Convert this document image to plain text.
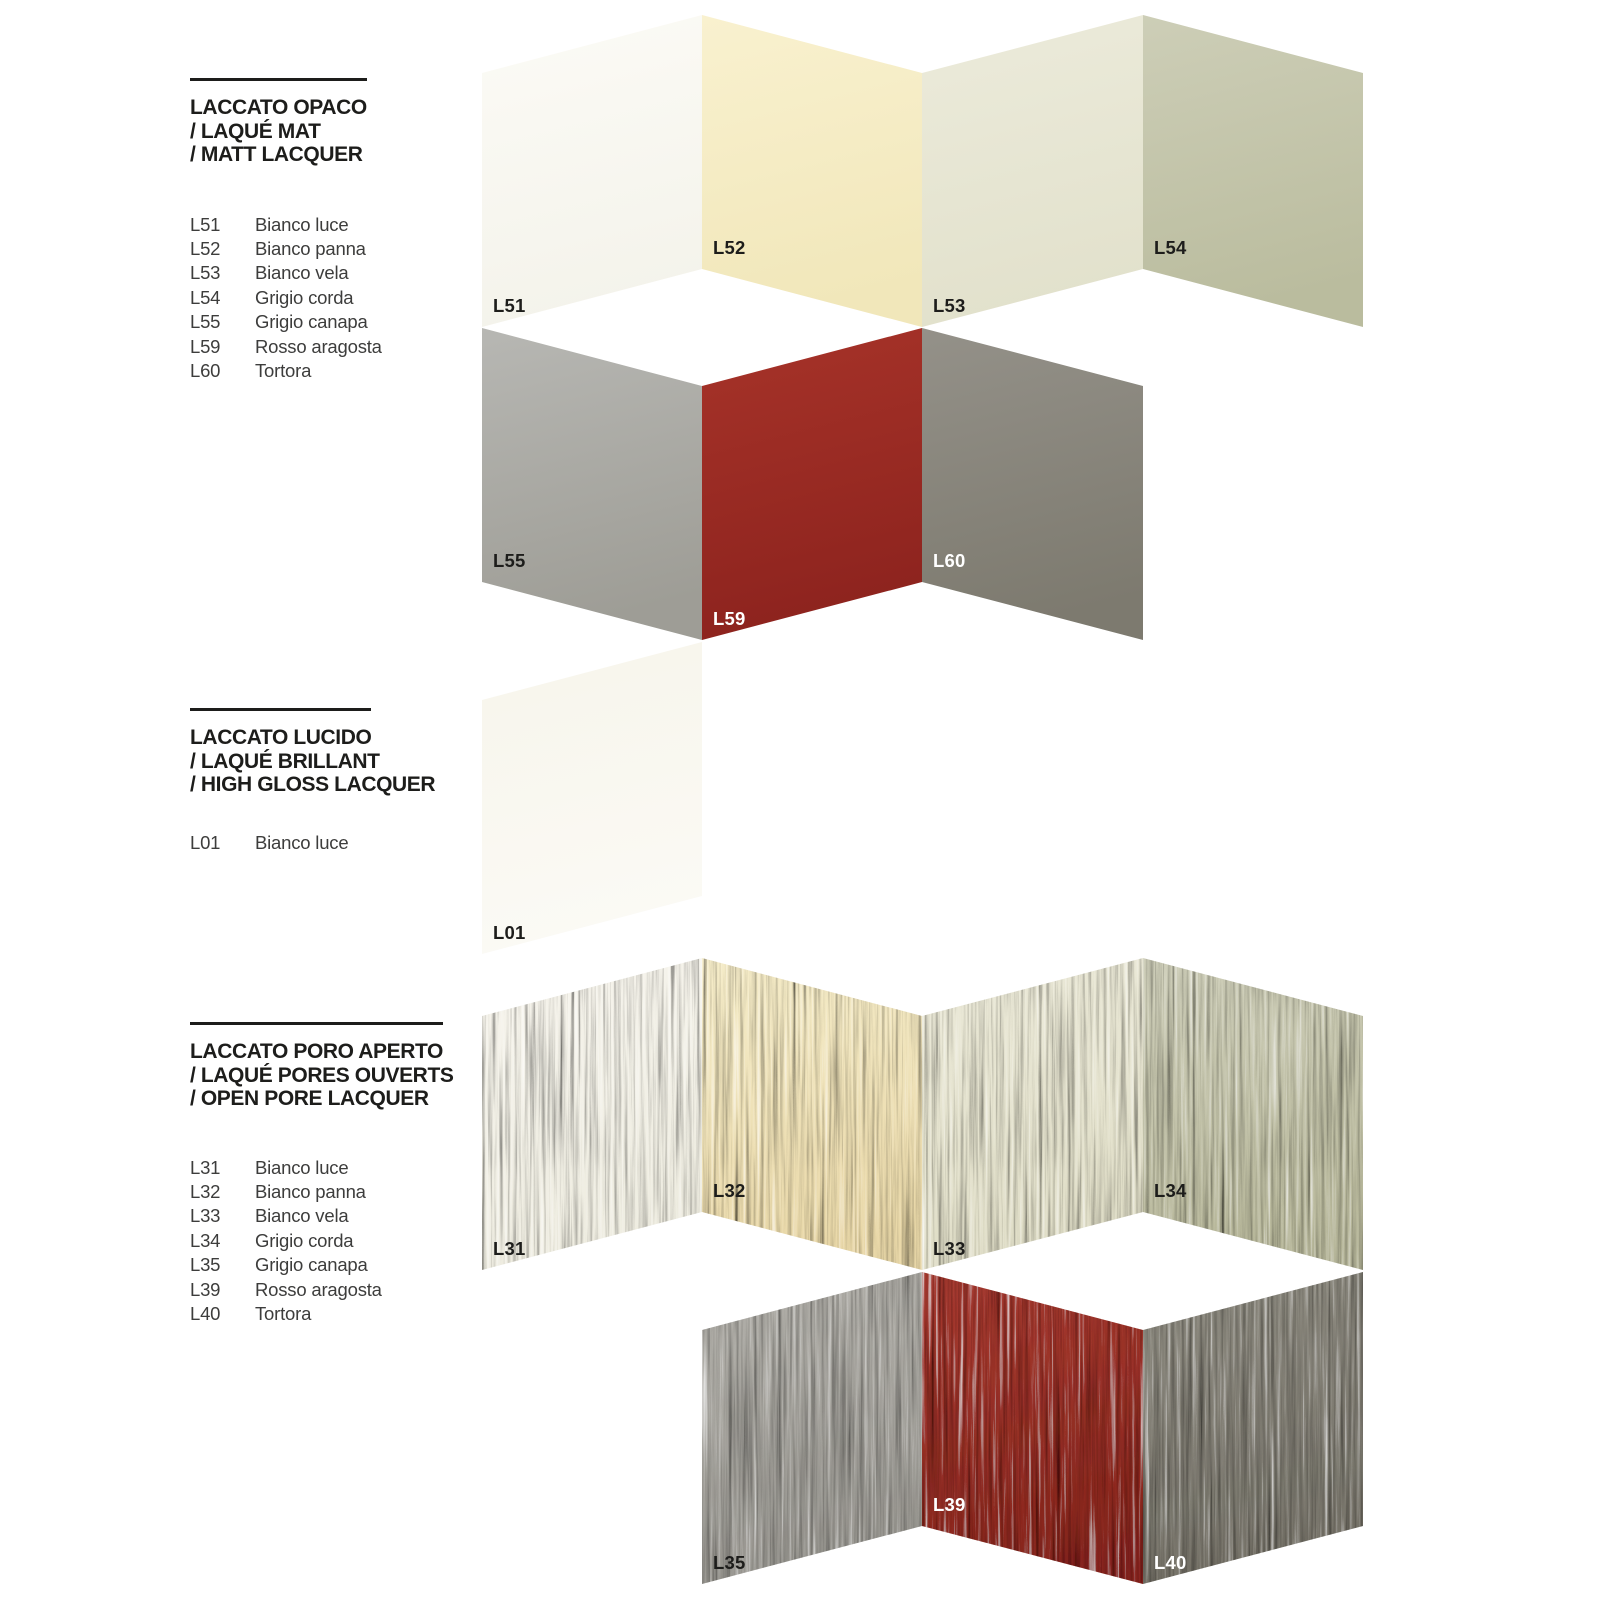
L51
L52
L53
L54
L55
L59
L60
L01
L31
L32
L33
L34
L35
L39
L40
LACCATO OPACO
/ LAQUÉ MAT
/ MATT LACQUER
L51	Bianco luce
L52	Bianco panna
L53	Bianco vela
L54	Grigio corda
L55	Grigio canapa
L59	Rosso aragosta
L60	Tortora
LACCATO LUCIDO
/ LAQUÉ BRILLANT
/ HIGH GLOSS LACQUER
L01	Bianco luce
LACCATO PORO APERTO
/ LAQUÉ PORES OUVERTS
/ OPEN PORE LACQUER
L31	Bianco luce
L32	Bianco panna
L33	Bianco vela
L34	Grigio corda
L35	Grigio canapa
L39	Rosso aragosta
L40	Tortora
